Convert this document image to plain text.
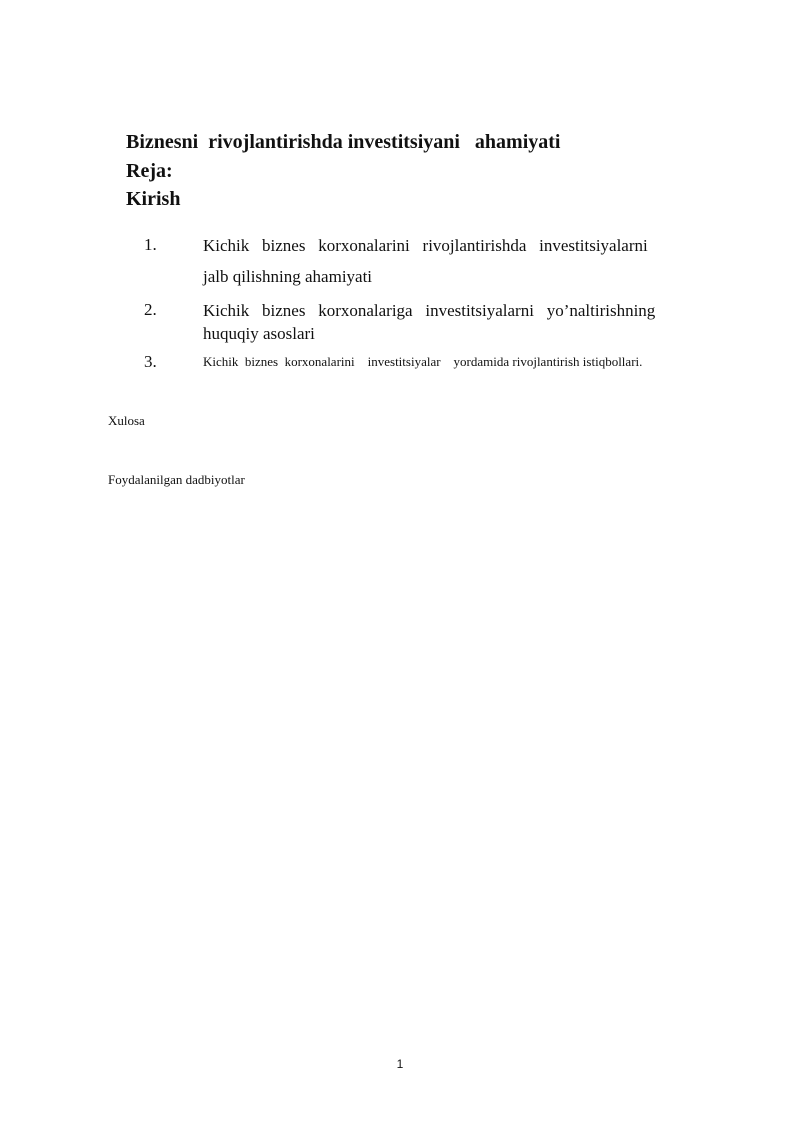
Biznesni  rivojlantirishda investitsiyani   ahamiyati
Reja:
Kirish
1.	Kichik   biznes   korxonalarini   rivojlantirishda   investitsiyalarni
jalb qilishning ahamiyati
2.	Kichik   biznes   korxonalariga   investitsiyalarni   yo’naltirishning
huquqiy asoslari
3.	Kichik  biznes  korxonalarini    investitsiyalar    yordamida rivojlantirish istiqbollari.
Xulosa
Foydalanilgan dadbiyotlar
1
